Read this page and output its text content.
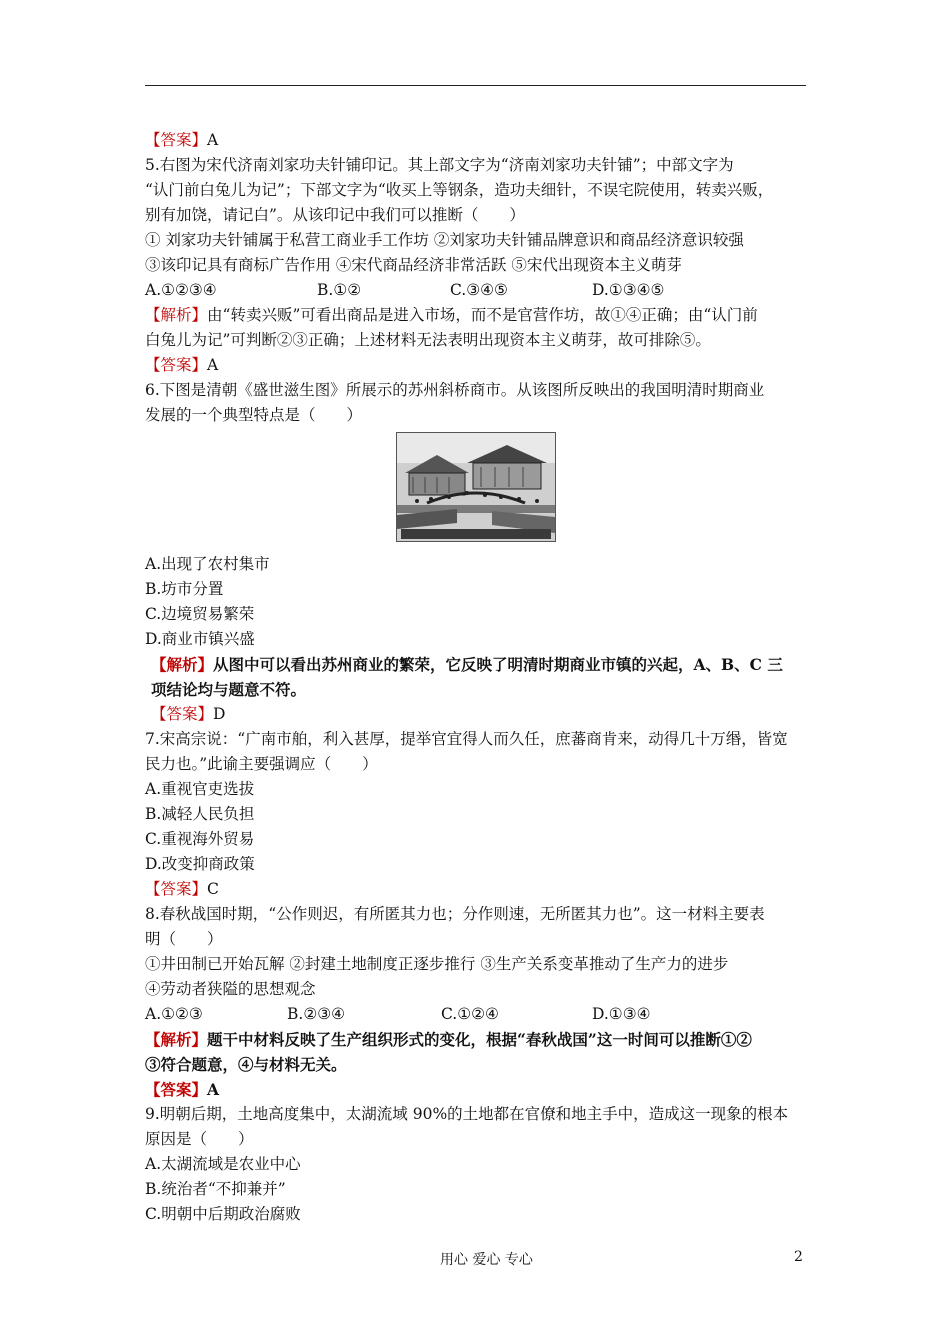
【答案】A
5.右图为宋代济南刘家功夫针铺印记。其上部文字为“济南刘家功夫针铺”；中部文字为
“认门前白兔儿为记”；下部文字为“收买上等钢条，造功夫细针，不误宅院使用，转卖兴贩，
别有加饶，请记白”。从该印记中我们可以推断（　　）
① 刘家功夫针铺属于私营工商业手工作坊 ②刘家功夫针铺品牌意识和商品经济意识较强
③该印记具有商标广告作用 ④宋代商品经济非常活跃 ⑤宋代出现资本主义萌芽
A.①②③④	B.①②	C.③④⑤	D.①③④⑤
【解析】由“转卖兴贩”可看出商品是进入市场，而不是官营作坊，故①④正确；由“认门前
白兔儿为记”可判断②③正确；上述材料无法表明出现资本主义萌芽，故可排除⑤。
【答案】A
6.下图是清朝《盛世滋生图》所展示的苏州斜桥商市。从该图所反映出的我国明清时期商业
发展的一个典型特点是（　　）
A.出现了农村集市
B.坊市分置
C.边境贸易繁荣
D.商业市镇兴盛
【解析】从图中可以看出苏州商业的繁荣，它反映了明清时期商业市镇的兴起，A、B、C 三
项结论均与题意不符。
【答案】D
7.宋高宗说：“广南市舶，利入甚厚，提举官宜得人而久任，庶蕃商肯来，动得几十万缗，皆宽
民力也。”此谕主要强调应（　　）
A.重视官吏选拔
B.减轻人民负担
C.重视海外贸易
D.改变抑商政策
【答案】C
8.春秋战国时期，“公作则迟，有所匿其力也；分作则速，无所匿其力也”。这一材料主要表
明（　　）
①井田制已开始瓦解 ②封建土地制度正逐步推行 ③生产关系变革推动了生产力的进步
④劳动者狭隘的思想观念
A.①②③	B.②③④	C.①②④	D.①③④
【解析】题干中材料反映了生产组织形式的变化，根据“春秋战国”这一时间可以推断①②
③符合题意，④与材料无关。
【答案】A
9.明朝后期，土地高度集中，太湖流域 90%的土地都在官僚和地主手中，造成这一现象的根本
原因是（　　）
A.太湖流域是农业中心
B.统治者“不抑兼并”
C.明朝中后期政治腐败
用心 爱心 专心	2
